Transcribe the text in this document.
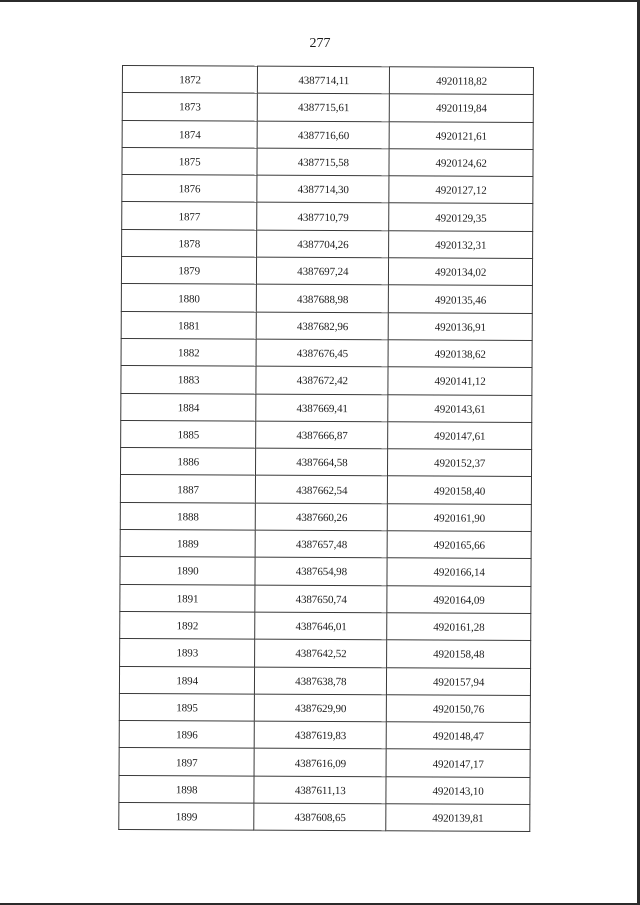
277
1872	4387714,11	4920118,82
1873	4387715,61	4920119,84
1874	4387716,60	4920121,61
1875	4387715,58	4920124,62
1876	4387714,30	4920127,12
1877	4387710,79	4920129,35
1878	4387704,26	4920132,31
1879	4387697,24	4920134,02
1880	4387688,98	4920135,46
1881	4387682,96	4920136,91
1882	4387676,45	4920138,62
1883	4387672,42	4920141,12
1884	4387669,41	4920143,61
1885	4387666,87	4920147,61
1886	4387664,58	4920152,37
1887	4387662,54	4920158,40
1888	4387660,26	4920161,90
1889	4387657,48	4920165,66
1890	4387654,98	4920166,14
1891	4387650,74	4920164,09
1892	4387646,01	4920161,28
1893	4387642,52	4920158,48
1894	4387638,78	4920157,94
1895	4387629,90	4920150,76
1896	4387619,83	4920148,47
1897	4387616,09	4920147,17
1898	4387611,13	4920143,10
1899	4387608,65	4920139,81
